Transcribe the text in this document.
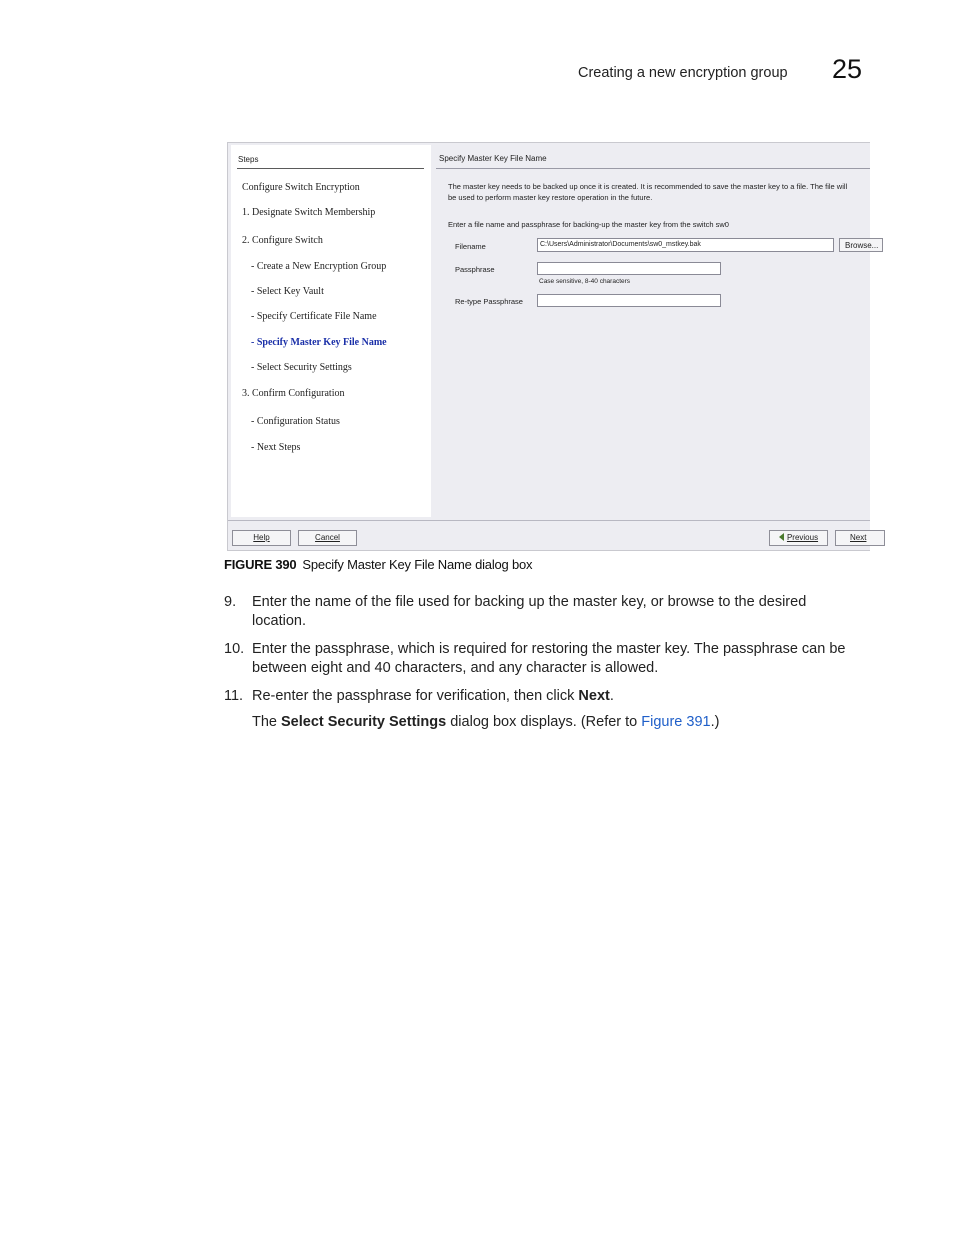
Creating a new encryption group 25
Steps
Configure Switch Encryption
1. Designate Switch Membership
2. Configure Switch
- Create a New Encryption Group
- Select Key Vault
- Specify Certificate File Name
- Specify Master Key File Name
- Select Security Settings
3. Confirm Configuration
- Configuration Status
- Next Steps
Specify Master Key File Name
The master key needs to be backed up once it is created. It is recommended to save the master key to a file. The file will
be used to perform master key restore operation in the future.
Enter a file name and passphrase for backing-up the master key from the switch sw0
Filename	C:\Users\Administrator\Documents\sw0_mstkey.bak	Browse...
Passphrase
Case sensitive, 8-40 characters
Re-type Passphrase
Help	Cancel	Previous	Next
FIGURE 390 Specify Master Key File Name dialog box
9. Enter the name of the file used for backing up the master key, or browse to the desired location.
10. Enter the passphrase, which is required for restoring the master key. The passphrase can be between eight and 40 characters, and any character is allowed.
11. Re-enter the passphrase for verification, then click Next.
The Select Security Settings dialog box displays. (Refer to Figure 391.)
